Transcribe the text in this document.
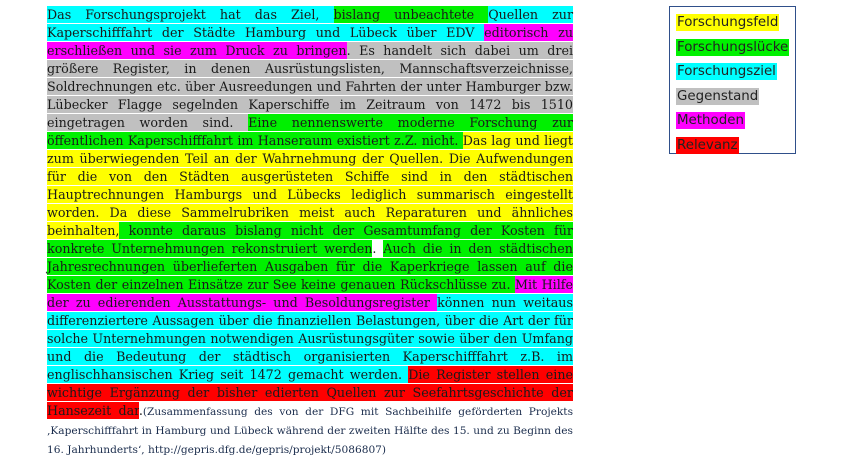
Das Forschungsprojekt hat das Ziel, bislang unbeachtete Quellen zur Kaperschifffahrt der Städte Hamburg und Lübeck über EDV editorisch zu erschließen und sie zum Druck zu bringen. Es handelt sich dabei um drei größere Register, in denen Ausrüstungslisten, Mannschaftsverzeichnisse, Soldrechnungen etc. über Ausreedungen und Fahrten der unter Hamburger bzw. Lübecker Flagge segelnden Kaperschiffe im Zeitraum von 1472 bis 1510 eingetragen worden sind. Eine nennenswerte moderne Forschung zur öffentlichen Kaperschifffahrt im Hanseraum existiert z.Z. nicht. Das lag und liegt zum überwiegenden Teil an der Wahrnehmung der Quellen. Die Aufwendungen für die von den Städten ausgerüsteten Schiffe sind in den städtischen Hauptrechnungen Hamburgs und Lübecks lediglich summarisch eingestellt worden. Da diese Sammelrubriken meist auch Reparaturen und ähnliches beinhalten, konnte daraus bislang nicht der Gesamtumfang der Kosten für konkrete Unternehmungen rekonstruiert werden. Auch die in den städtischen Jahresrechnungen überlieferten Ausgaben für die Kaperkriege lassen auf die Kosten der einzelnen Einsätze zur See keine genauen Rückschlüsse zu. Mit Hilfe der zu edierenden Ausstattungs- und Besoldungsregister können nun weitaus differenziertere Aussagen über die finanziellen Belastungen, über die Art der für solche Unternehmungen notwendigen Ausrüstungsgüter sowie über den Umfang und die Bedeutung der städtisch organisierten Kaperschifffahrt z.B. im englischhansischen Krieg seit 1472 gemacht werden. Die Register stellen eine wichtige Ergänzung der bisher edierten Quellen zur Seefahrtsgeschichte der Hansezeit dar.(Zusammenfassung des von der DFG mit Sachbeihilfe geförderten Projekts ‚Kaperschifffahrt in Hamburg und Lübeck während der zweiten Hälfte des 15. und zu Beginn des 16. Jahrhunderts‘, http://gepris.dfg.de/gepris/projekt/5086807)
Forschungsfeld
Forschungslücke
Forschungsziel
Gegenstand
Methoden
Relevanz
